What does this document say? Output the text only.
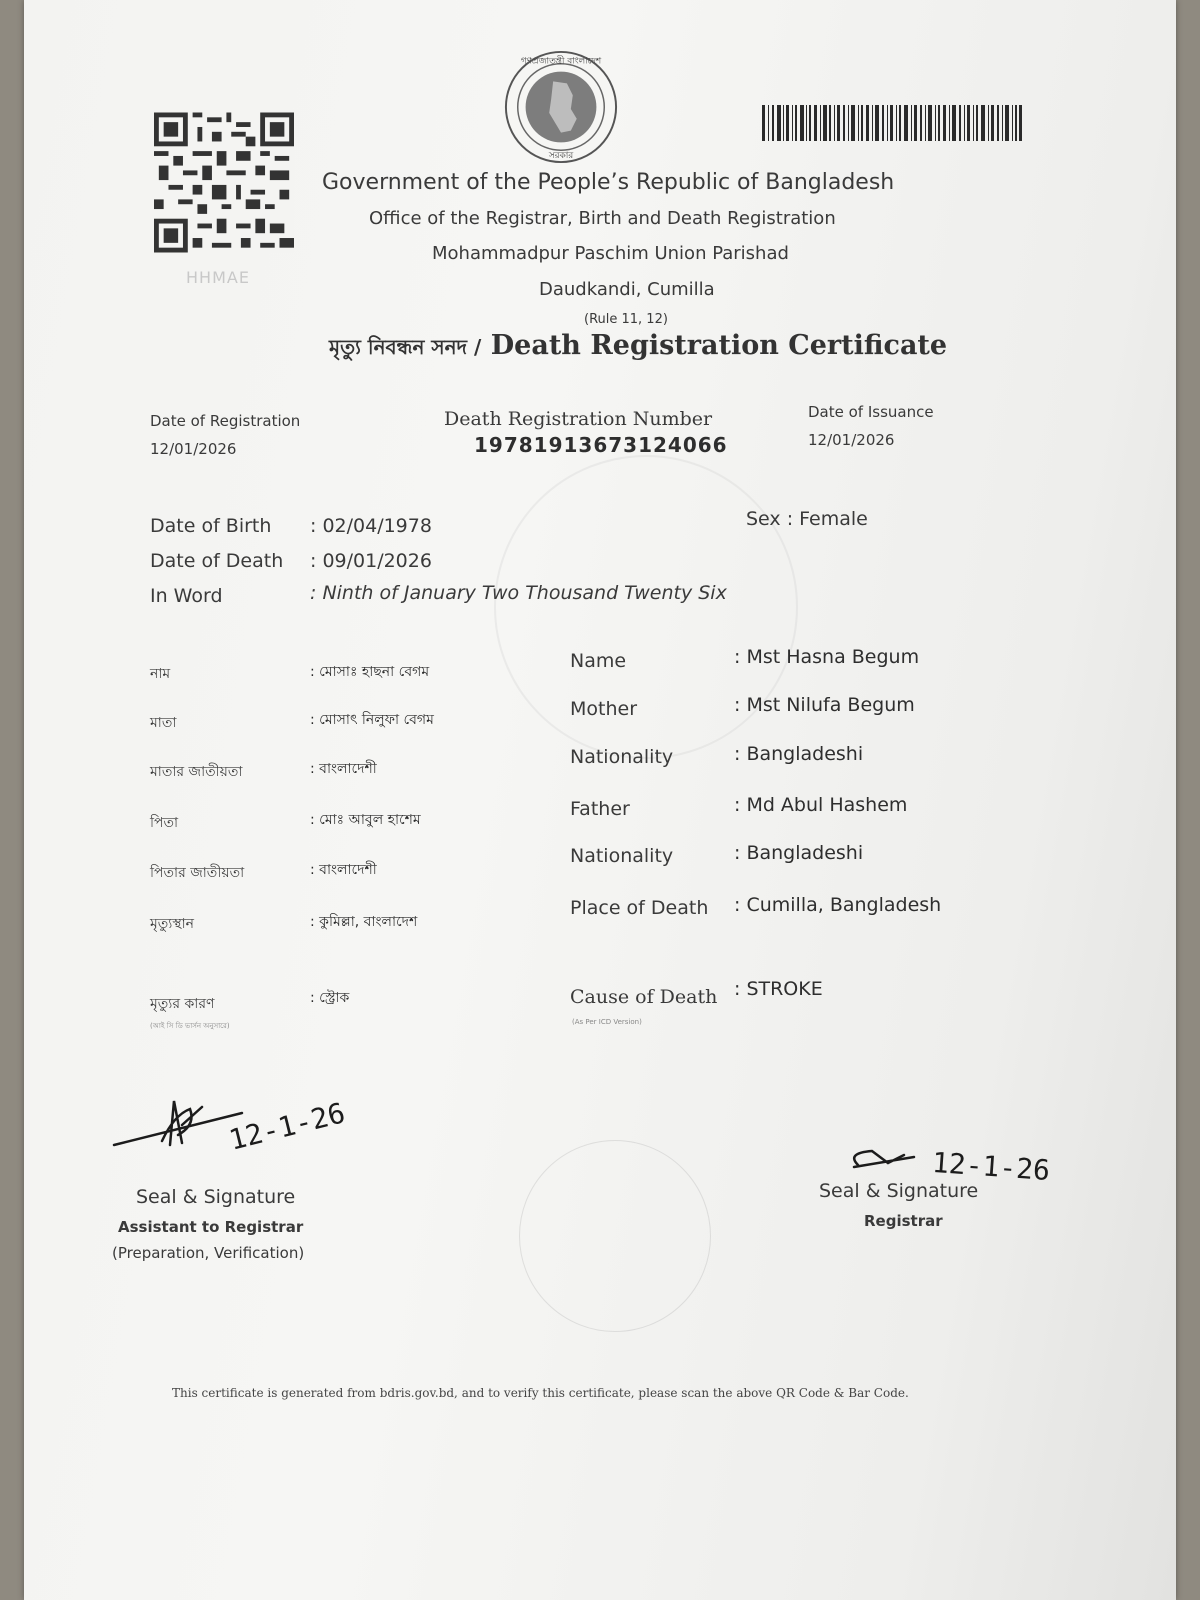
HHMAE
গণপ্রজাতন্ত্রী বাংলাদেশ
সরকার
Government of the People’s Republic of Bangladesh
Office of the Registrar, Birth and Death Registration
Mohammadpur Paschim Union Parishad
Daudkandi, Cumilla
(Rule 11, 12)
মৃত্যু নিবন্ধন সনদ / Death Registration Certificate
Date of Registration
12/01/2026
Death Registration Number
19781913673124066
Date of Issuance
12/01/2026
Date of Birth : 02/04/1978
Date of Death : 09/01/2026
In Word	: Ninth of January Two Thousand Twenty Six
Sex : Female
নাম	: মোসাঃ হাছনা বেগম
মাতা	: মোসাৎ নিলুফা বেগম
মাতার জাতীয়তা	: বাংলাদেশী
পিতা	: মোঃ আবুল হাশেম
পিতার জাতীয়তা	: বাংলাদেশী
মৃত্যুস্থান	: কুমিল্লা, বাংলাদেশ
Name	: Mst Hasna Begum
Mother	: Mst Nilufa Begum
Nationality	: Bangladeshi
Father	: Md Abul Hashem
Nationality	: Bangladeshi
Place of Death : Cumilla, Bangladesh
মৃত্যুর কারণ	: স্ট্রোক
(আই সি ডি ভার্সন অনুসারে)
Cause of Death : STROKE
(As Per ICD Version)
12-1-26
Seal & Signature
Assistant to Registrar
(Preparation, Verification)
12-1-26
Seal & Signature
Registrar
This certificate is generated from bdris.gov.bd, and to verify this certificate, please scan the above QR Code & Bar Code.
